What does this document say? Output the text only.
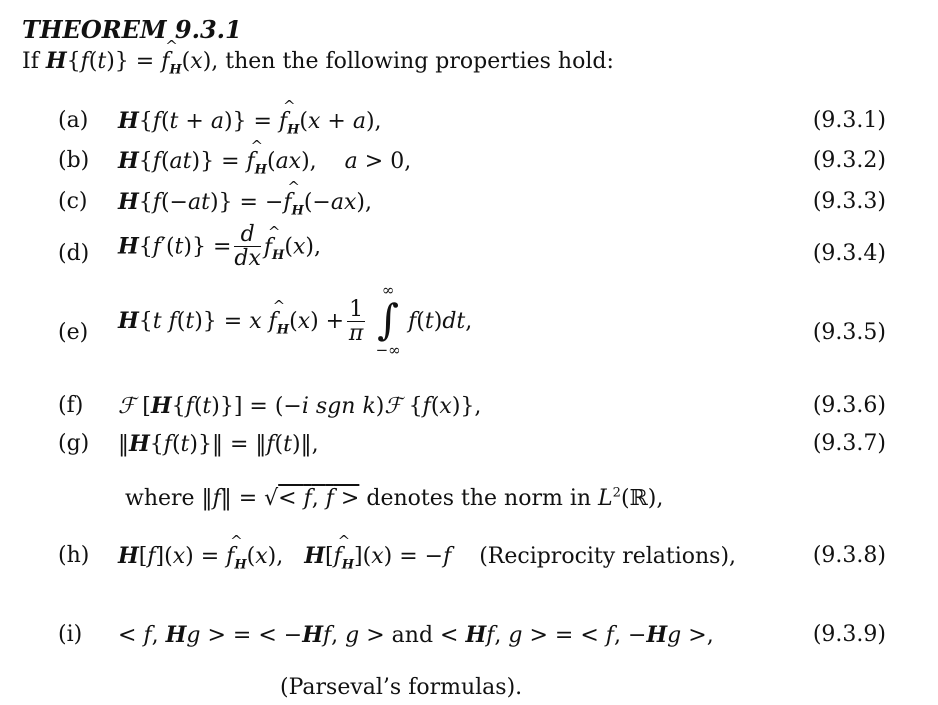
THEOREM 9.3.1
If H{f(t)} = ^ $f_H(x)$, then the following properties hold:
(a) H{f(t + a)} = ^ $f_H(x + a)$,	(9.3.1)
(b) H{f(at)} = ^ $f_H(ax)$,    a > 0,	(9.3.2)
(c) H{f(−at)} = −^ $f_H(-ax)$,	(9.3.3)
(d) $H\{f'(t)\} = \frac{d}{dx}$ ^ $f_H(x)$,	(9.3.4)
(e) H{t f(t)} = x ^ $f_H(x) + \frac{1}{\pi}$
∞
∫
−∞
f(t)dt,	(9.3.5)
(f) ℱ [H{f(t)}] = (−i sgn k)ℱ {f(x)},	(9.3.6)
(g) ‖H{f(t)}‖ = ‖f(t)‖,	(9.3.7)
where ‖f‖ = √< f, f > denotes the norm in $L^2(ℝ)$,
(h) H[f](x) = ^ $f_H(x)$,   H[^ $f_H](x) = -f$ (Reciprocity relations),	(9.3.8)
(i) < f, Hg > = < −Hf, g > and < Hf, g > = < f, −Hg >,	(9.3.9)
(Parseval’s formulas).
